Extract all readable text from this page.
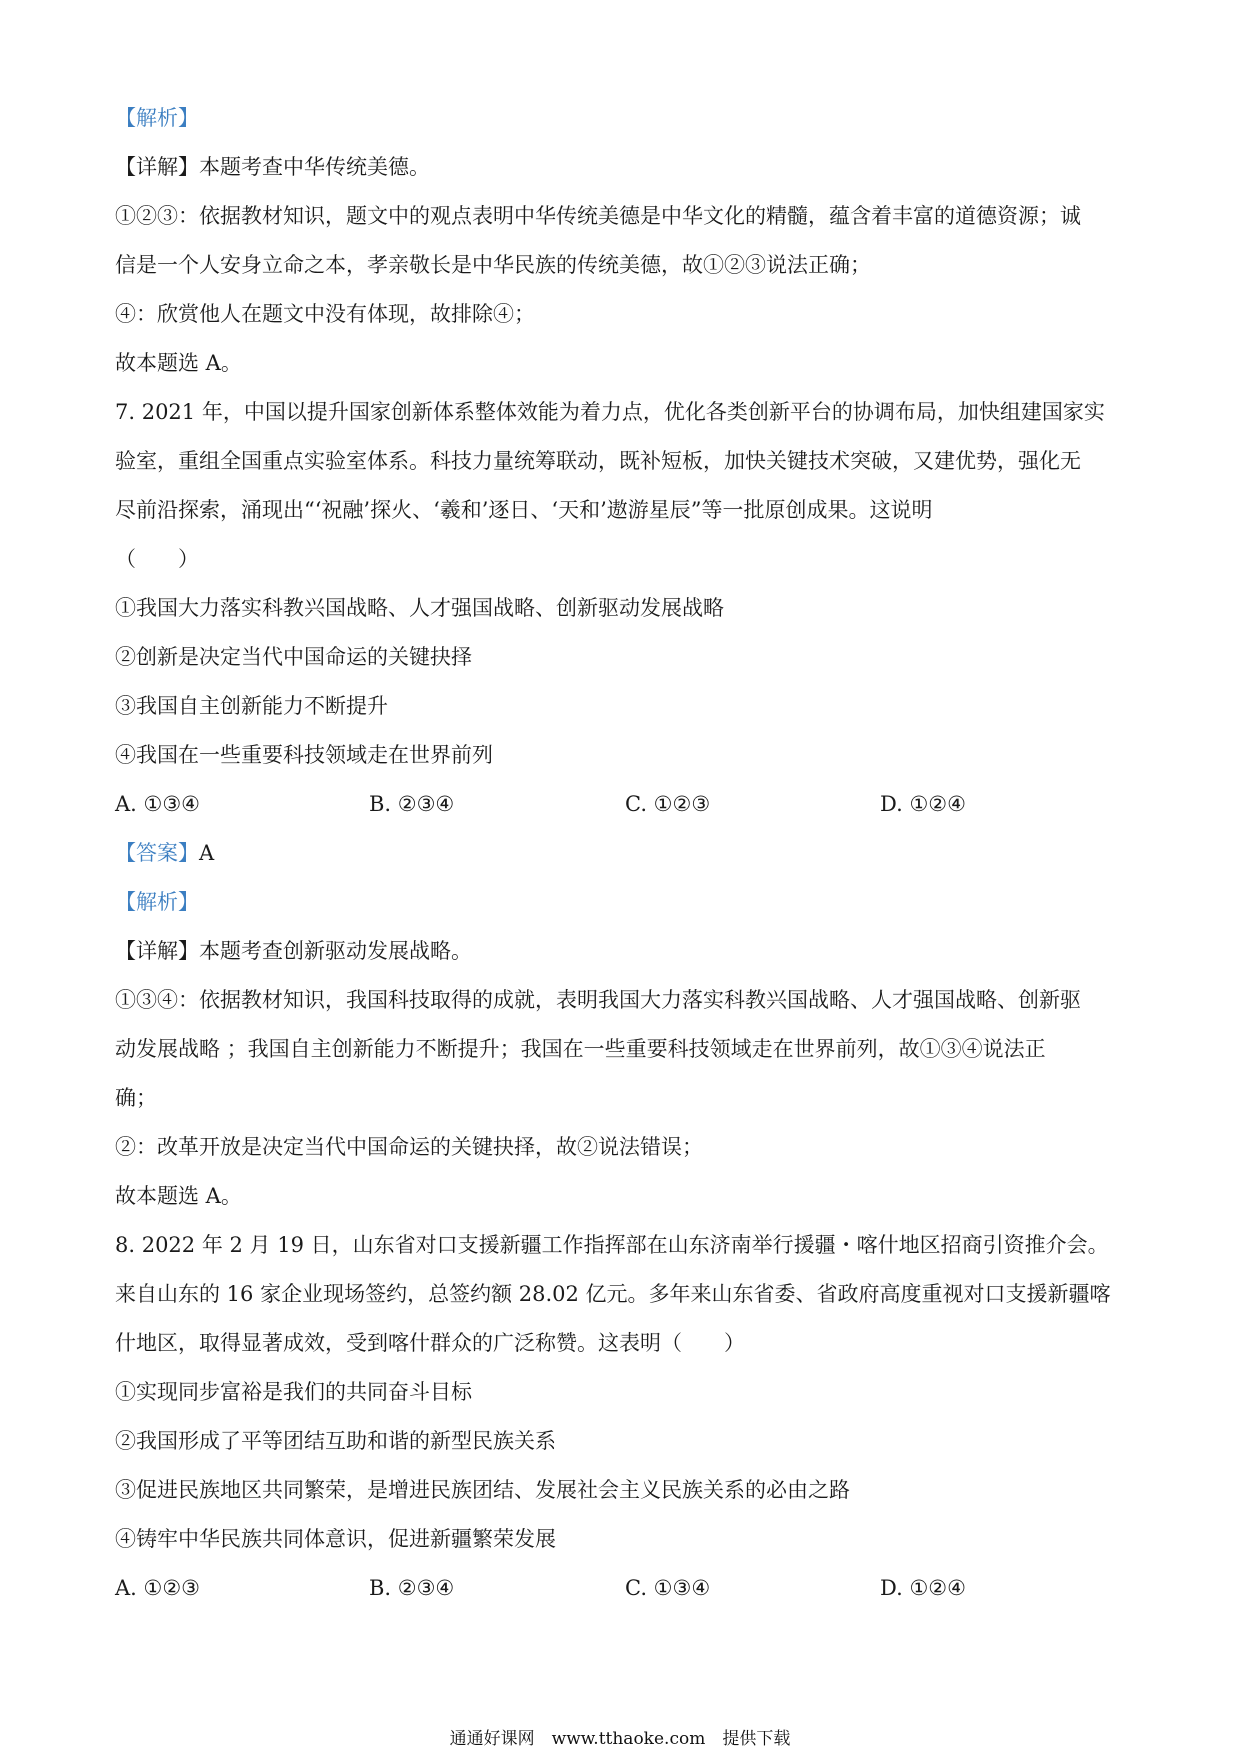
【解析】
【详解】本题考查中华传统美德。
①②③：依据教材知识，题文中的观点表明中华传统美德是中华文化的精髓，蕴含着丰富的道德资源；诚
信是一个人安身立命之本，孝亲敬长是中华民族的传统美德，故①②③说法正确；
④：欣赏他人在题文中没有体现，故排除④；
故本题选 A。
7. 2021 年，中国以提升国家创新体系整体效能为着力点，优化各类创新平台的协调布局，加快组建国家实
验室，重组全国重点实验室体系。科技力量统筹联动，既补短板，加快关键技术突破，又建优势，强化无
尽前沿探索，涌现出“‘祝融’探火、‘羲和’逐日、‘天和’遨游星辰”等一批原创成果。这说明
（　　）
①我国大力落实科教兴国战略、人才强国战略、创新驱动发展战略
②创新是决定当代中国命运的关键抉择
③我国自主创新能力不断提升
④我国在一些重要科技领域走在世界前列
A. ①③④	B. ②③④	C. ①②③	D. ①②④
【答案】A
【解析】
【详解】本题考查创新驱动发展战略。
①③④：依据教材知识，我国科技取得的成就，表明我国大力落实科教兴国战略、人才强国战略、创新驱
动发展战略 ；我国自主创新能力不断提升；我国在一些重要科技领域走在世界前列，故①③④说法正
确；
②：改革开放是决定当代中国命运的关键抉择，故②说法错误；
故本题选 A。
8. 2022 年 2 月 19 日，山东省对口支援新疆工作指挥部在山东济南举行援疆・喀什地区招商引资推介会。
来自山东的 16 家企业现场签约，总签约额 28.02 亿元。多年来山东省委、省政府高度重视对口支援新疆喀
什地区，取得显著成效，受到喀什群众的广泛称赞。这表明（　　）
①实现同步富裕是我们的共同奋斗目标
②我国形成了平等团结互助和谐的新型民族关系
③促进民族地区共同繁荣，是增进民族团结、发展社会主义民族关系的必由之路
④铸牢中华民族共同体意识，促进新疆繁荣发展
A. ①②③	B. ②③④	C. ①③④	D. ①②④
通通好课网　www.tthaoke.com　提供下载
